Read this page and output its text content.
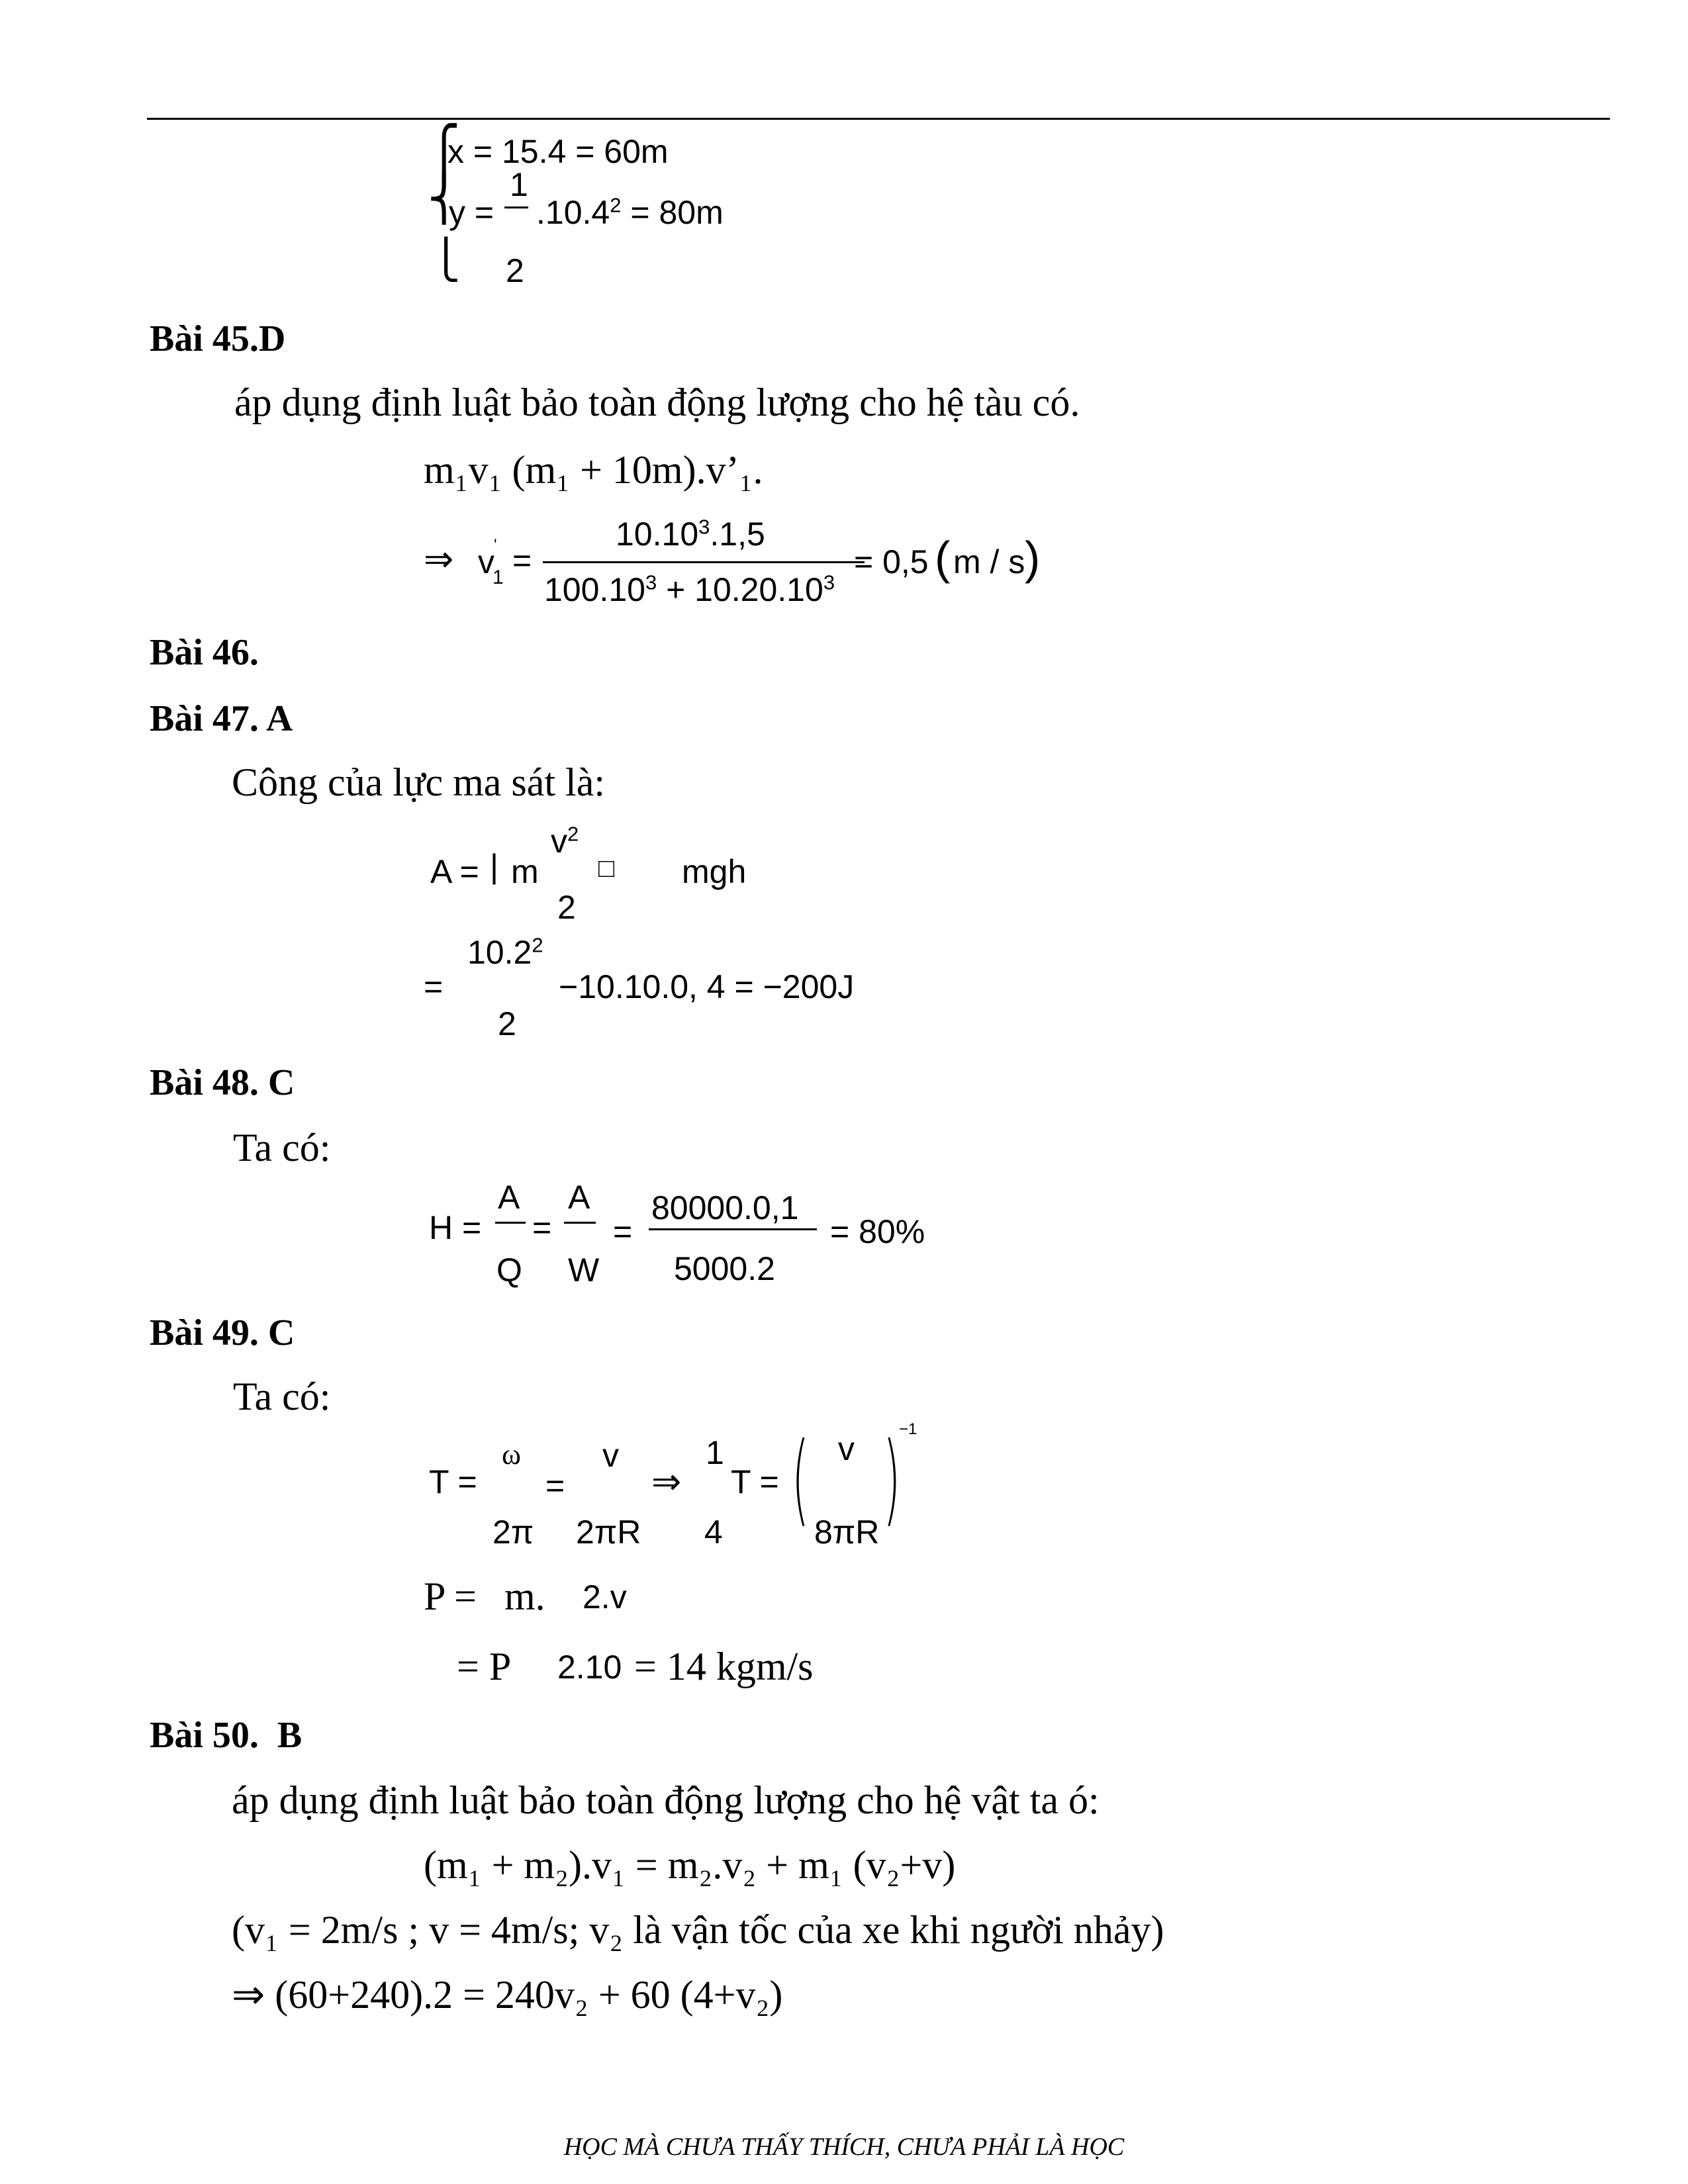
⎧
⎨
⎩
x = 15.4 = 60m
y =
1
2
$.10.4^2 = 80m$
Bài 45.D
áp dụng định luật bảo toàn động lượng cho hệ tàu có.
m₁v₁ (m₁ + 10m).v’₁.
⇒ v '
1 =
$10.10^3.1,5$
$100.10^3 + 10.20.10^3$
= 0,5 ( m / s )
Bài 46.
Bài 47. A
Công của lực ma sát là:
A = | m
$v^2$
2
□ mgh
=
$10.2^2$
2
−10.10.0, 4 = −200J
Bài 48. C
Ta có:
H =
A
Q
=
A
W
=
80000.0,1
5000.2
= 80%
Bài 49. C
Ta có:
T =
ω
2π
=
v
2πR
⇒
1
4
T = ( v
8πR )
−1
P = m. 2.v
= P 2.10 = 14 kgm/s
Bài 50.  B
áp dụng định luật bảo toàn động lượng cho hệ vật ta ó:
(m₁ + m₂).v₁ = m₂.v₂ + m₁ (v₂+v)
(v₁ = 2m/s ; v = 4m/s; v₂ là vận tốc của xe khi người nhảy)
⇒ (60+240).2 = 240v₂ + 60 (4+v₂)
HỌC MÀ CHƯA THẤY THÍCH, CHƯA PHẢI LÀ HỌC
